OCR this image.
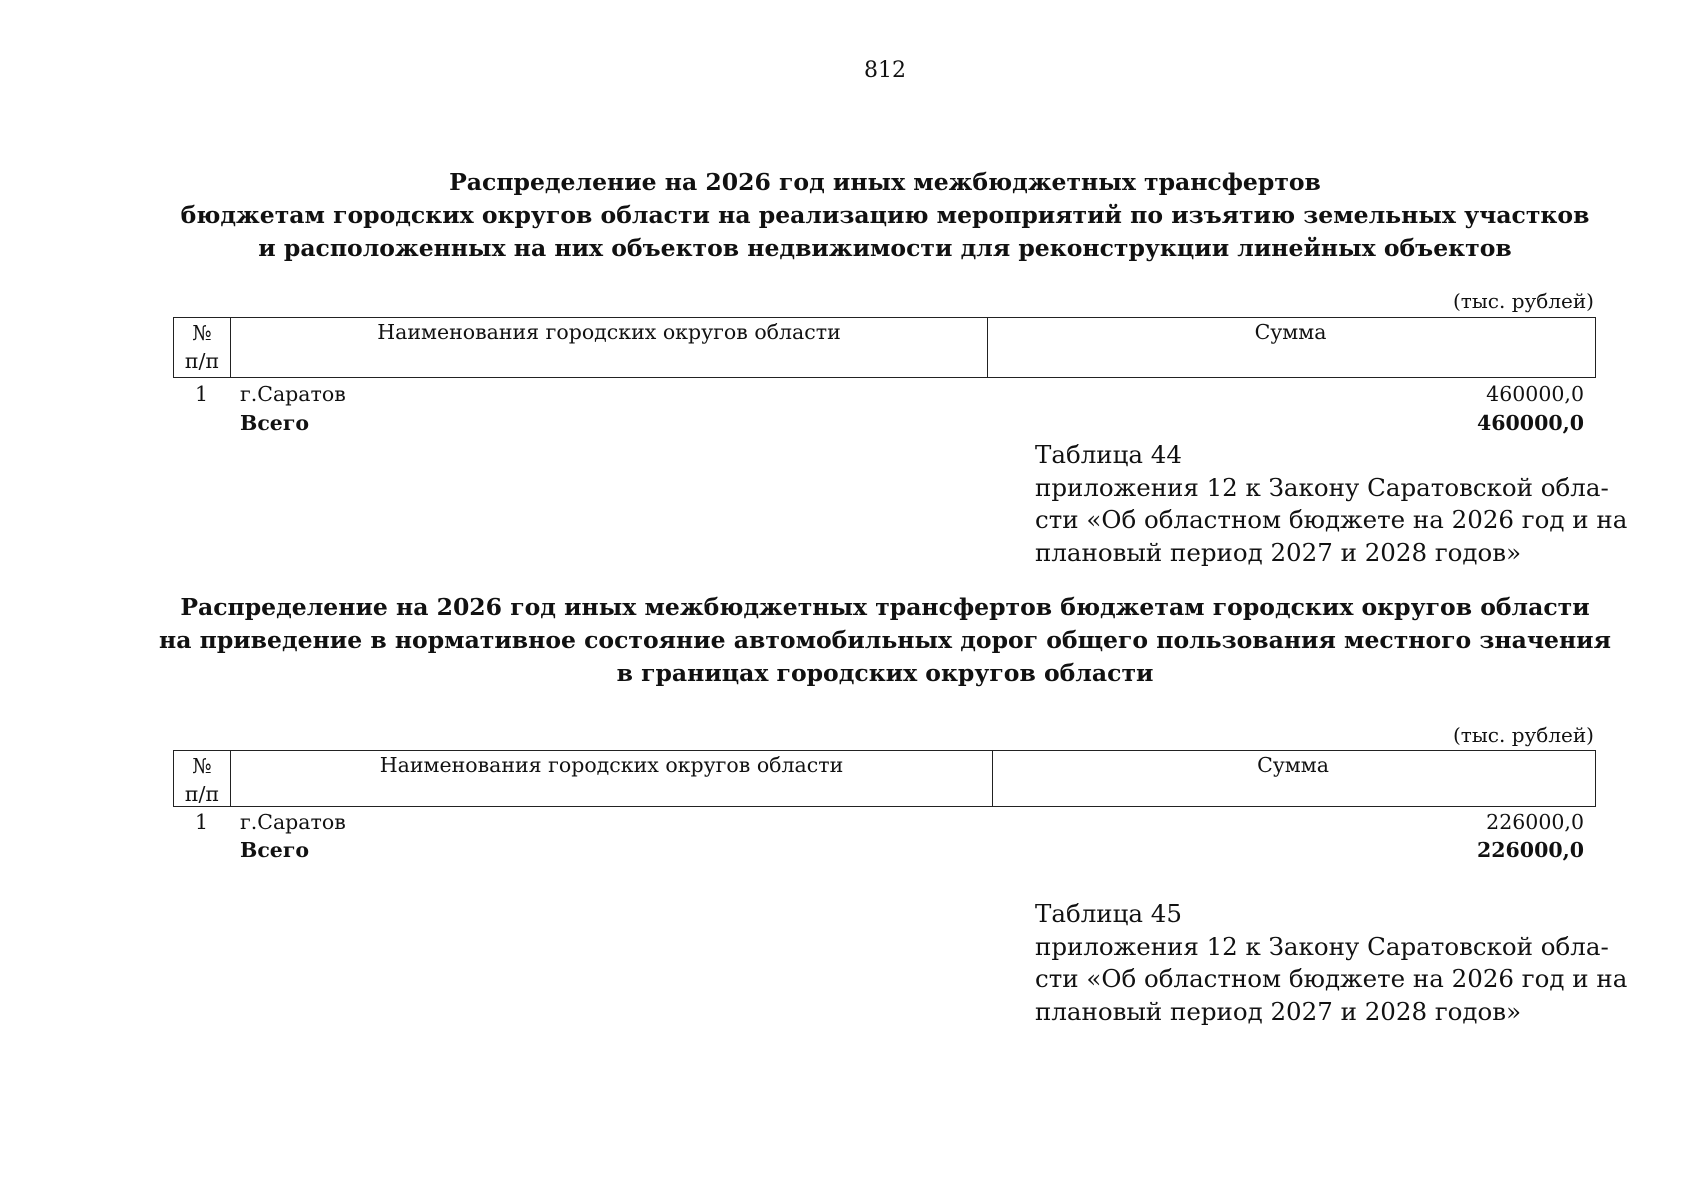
812
Распределение на 2026 год иных межбюджетных трансфертов
бюджетам городских округов области на реализацию мероприятий по изъятию земельных участков
и расположенных на них объектов недвижимости для реконструкции линейных объектов
(тыс. рублей)
№
п/п
Наименования городских округов области	Сумма
1	г.Саратов	460000,0
Всего	460000,0
Таблица 44
приложения 12 к Закону Саратовской обла-
сти «Об областном бюджете на 2026 год и на
плановый период 2027 и 2028 годов»
Распределение на 2026 год иных межбюджетных трансфертов бюджетам городских округов области
на приведение в нормативное состояние автомобильных дорог общего пользования местного значения
в границах городских округов области
(тыс. рублей)
№
п/п
Наименования городских округов области	Сумма
1	г.Саратов	226000,0
Всего	226000,0
Таблица 45
приложения 12 к Закону Саратовской обла-
сти «Об областном бюджете на 2026 год и на
плановый период 2027 и 2028 годов»
